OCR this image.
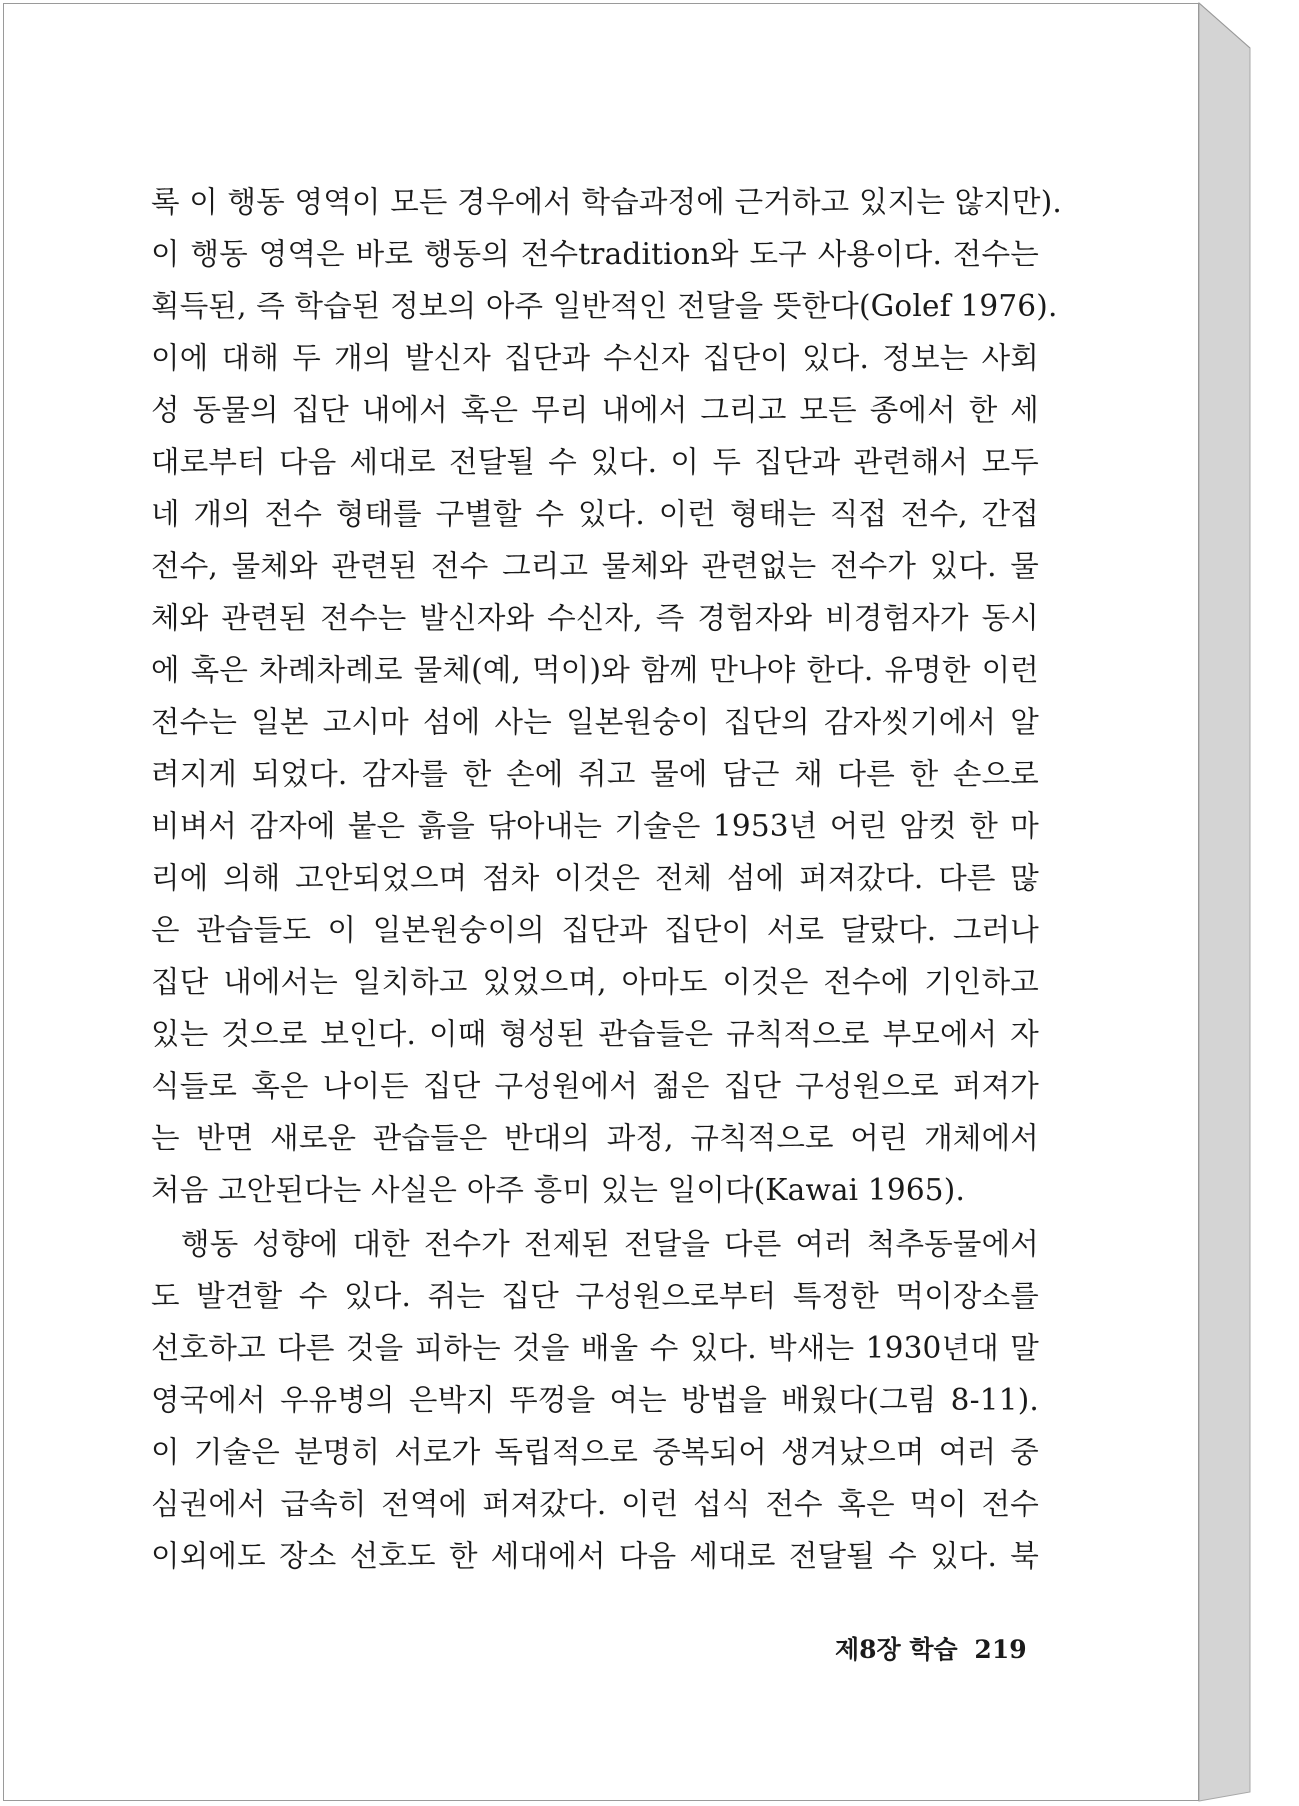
록 이 행동 영역이 모든 경우에서 학습과정에 근거하고 있지는 않지만).
이 행동 영역은 바로 행동의 전수tradition와 도구 사용이다. 전수는
획득된, 즉 학습된 정보의 아주 일반적인 전달을 뜻한다(Golef 1976).
이에 대해 두 개의 발신자 집단과 수신자 집단이 있다. 정보는 사회
성 동물의 집단 내에서 혹은 무리 내에서 그리고 모든 종에서 한 세
대로부터 다음 세대로 전달될 수 있다. 이 두 집단과 관련해서 모두
네 개의 전수 형태를 구별할 수 있다. 이런 형태는 직접 전수, 간접
전수, 물체와 관련된 전수 그리고 물체와 관련없는 전수가 있다. 물
체와 관련된 전수는 발신자와 수신자, 즉 경험자와 비경험자가 동시
에 혹은 차례차례로 물체(예, 먹이)와 함께 만나야 한다. 유명한 이런
전수는 일본 고시마 섬에 사는 일본원숭이 집단의 감자씻기에서 알
려지게 되었다. 감자를 한 손에 쥐고 물에 담근 채 다른 한 손으로
비벼서 감자에 붙은 흙을 닦아내는 기술은 1953년 어린 암컷 한 마
리에 의해 고안되었으며 점차 이것은 전체 섬에 퍼져갔다. 다른 많
은 관습들도 이 일본원숭이의 집단과 집단이 서로 달랐다. 그러나
집단 내에서는 일치하고 있었으며, 아마도 이것은 전수에 기인하고
있는 것으로 보인다. 이때 형성된 관습들은 규칙적으로 부모에서 자
식들로 혹은 나이든 집단 구성원에서 젊은 집단 구성원으로 퍼져가
는 반면 새로운 관습들은 반대의 과정, 규칙적으로 어린 개체에서
처음 고안된다는 사실은 아주 흥미 있는 일이다(Kawai 1965).
행동 성향에 대한 전수가 전제된 전달을 다른 여러 척추동물에서
도 발견할 수 있다. 쥐는 집단 구성원으로부터 특정한 먹이장소를
선호하고 다른 것을 피하는 것을 배울 수 있다. 박새는 1930년대 말
영국에서 우유병의 은박지 뚜껑을 여는 방법을 배웠다(그림 8-11).
이 기술은 분명히 서로가 독립적으로 중복되어 생겨났으며 여러 중
심권에서 급속히 전역에 퍼져갔다. 이런 섭식 전수 혹은 먹이 전수
이외에도 장소 선호도 한 세대에서 다음 세대로 전달될 수 있다. 북
제8장 학습 219
